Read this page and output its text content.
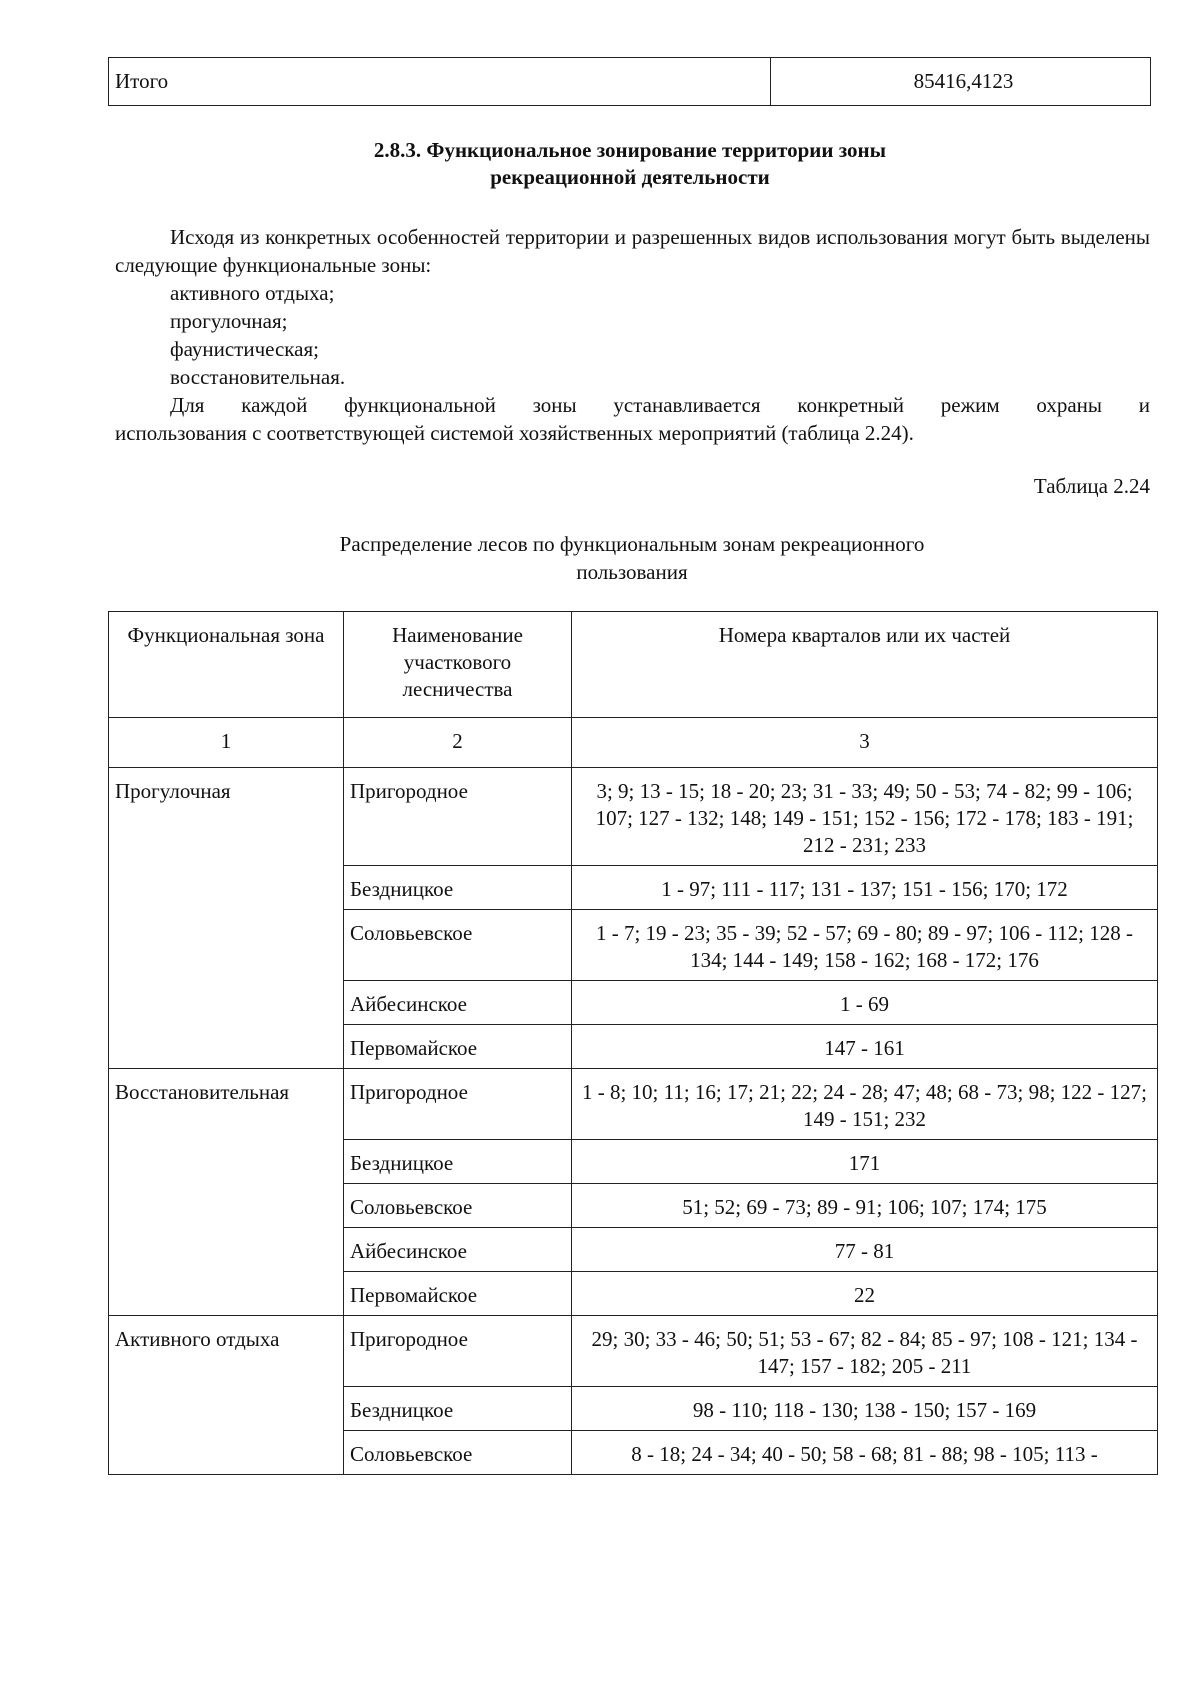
Итого	85416,4123
2.8.3. Функциональное зонирование территории зоны
рекреационной деятельности

Исходя из конкретных особенностей территории и разрешенных видов использования могут быть выделены следующие функциональные зоны:

активного отдыха;

прогулочная;

фаунистическая;

восстановительная.

Для каждой функциональной зоны устанавливается конкретный режим охраны и

использования с соответствующей системой хозяйственных мероприятий (таблица 2.24).

Таблица 2.24
Распределение лесов по функциональным зонам рекреационного
пользования
Функциональная зона	Наименование участкового лесничества	Номера кварталов или их частей
1	2	3
Прогулочная	Пригородное	3; 9; 13 - 15; 18 - 20; 23; 31 - 33; 49; 50 - 53; 74 - 82; 99 - 106; 107; 127 - 132; 148; 149 - 151; 152 - 156; 172 - 178; 183 - 191; 212 - 231; 233
	Бездницкое	1 - 97; 111 - 117; 131 - 137; 151 - 156; 170; 172
	Соловьевское	1 - 7; 19 - 23; 35 - 39; 52 - 57; 69 - 80; 89 - 97; 106 - 112; 128 - 134; 144 - 149; 158 - 162; 168 - 172; 176
	Айбесинское	1 - 69
	Первомайское	147 - 161
Восстановительная	Пригородное	1 - 8; 10; 11; 16; 17; 21; 22; 24 - 28; 47; 48; 68 - 73; 98; 122 - 127; 149 - 151; 232
	Бездницкое	171
	Соловьевское	51; 52; 69 - 73; 89 - 91; 106; 107; 174; 175
	Айбесинское	77 - 81
	Первомайское	22
Активного отдыха	Пригородное	29; 30; 33 - 46; 50; 51; 53 - 67; 82 - 84; 85 - 97; 108 - 121; 134 - 147; 157 - 182; 205 - 211
	Бездницкое	98 - 110; 118 - 130; 138 - 150; 157 - 169
	Соловьевское	8 - 18; 24 - 34; 40 - 50; 58 - 68; 81 - 88; 98 - 105; 113 -
